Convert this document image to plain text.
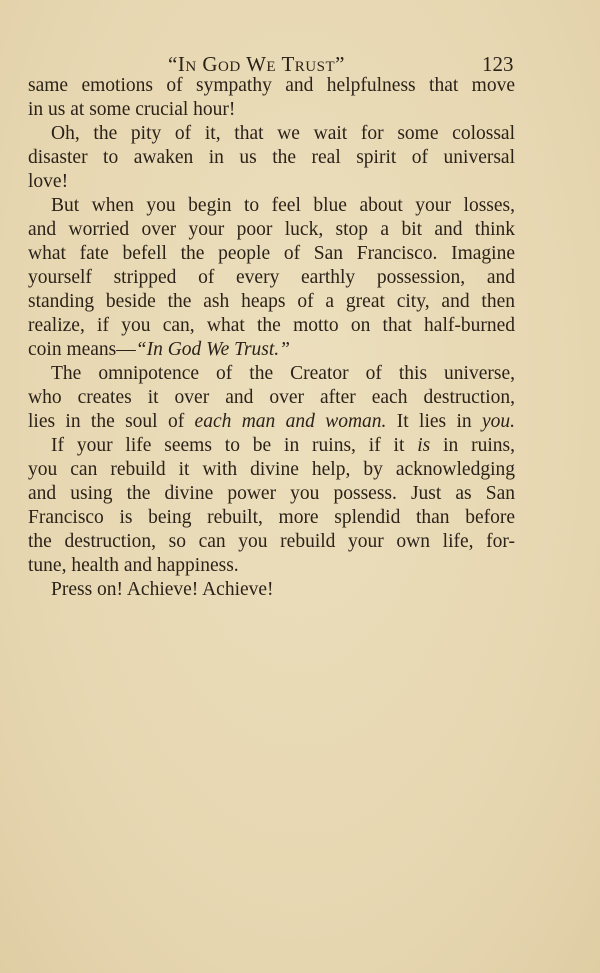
“In God We Trust”	123
same emotions of sympathy and helpfulness that move
in us at some crucial hour!
Oh, the pity of it, that we wait for some colossal
disaster to awaken in us the real spirit of universal
love!
But when you begin to feel blue about your losses,
and worried over your poor luck, stop a bit and think
what fate befell the people of San Francisco. Imagine
yourself stripped of every earthly possession, and
standing beside the ash heaps of a great city, and then
realize, if you can, what the motto on that half-burned
coin means—“In God We Trust.”
The omnipotence of the Creator of this universe,
who creates it over and over after each destruction,
lies in the soul of each man and woman. It lies in you.
If your life seems to be in ruins, if it is in ruins,
you can rebuild it with divine help, by acknowledging
and using the divine power you possess. Just as San
Francisco is being rebuilt, more splendid than before
the destruction, so can you rebuild your own life, for-
tune, health and happiness.
Press on! Achieve! Achieve!
